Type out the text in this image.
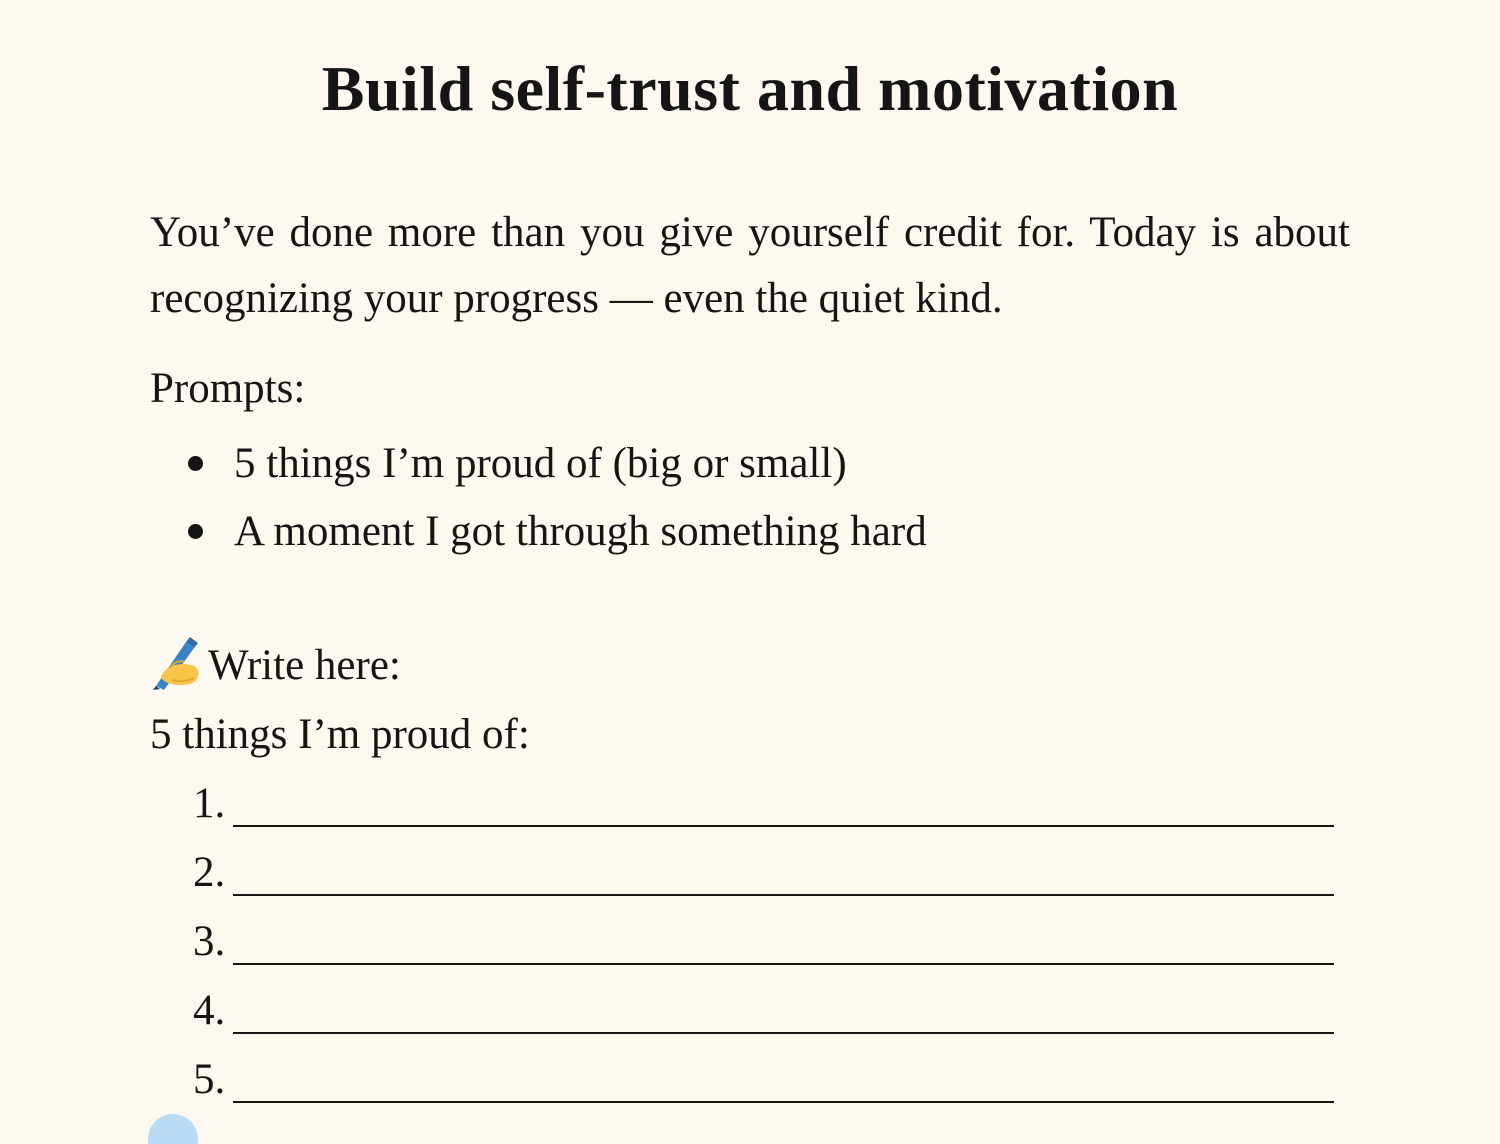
Build self-trust and motivation

You’ve done more than you give yourself credit for. Today is about recognizing your progress — even the quiet kind.

Prompts:
5 things I’m proud of (big or small)
A moment I got through something hard
Write here:
5 things I’m proud of:
1.
2.
3.
4.
5.
